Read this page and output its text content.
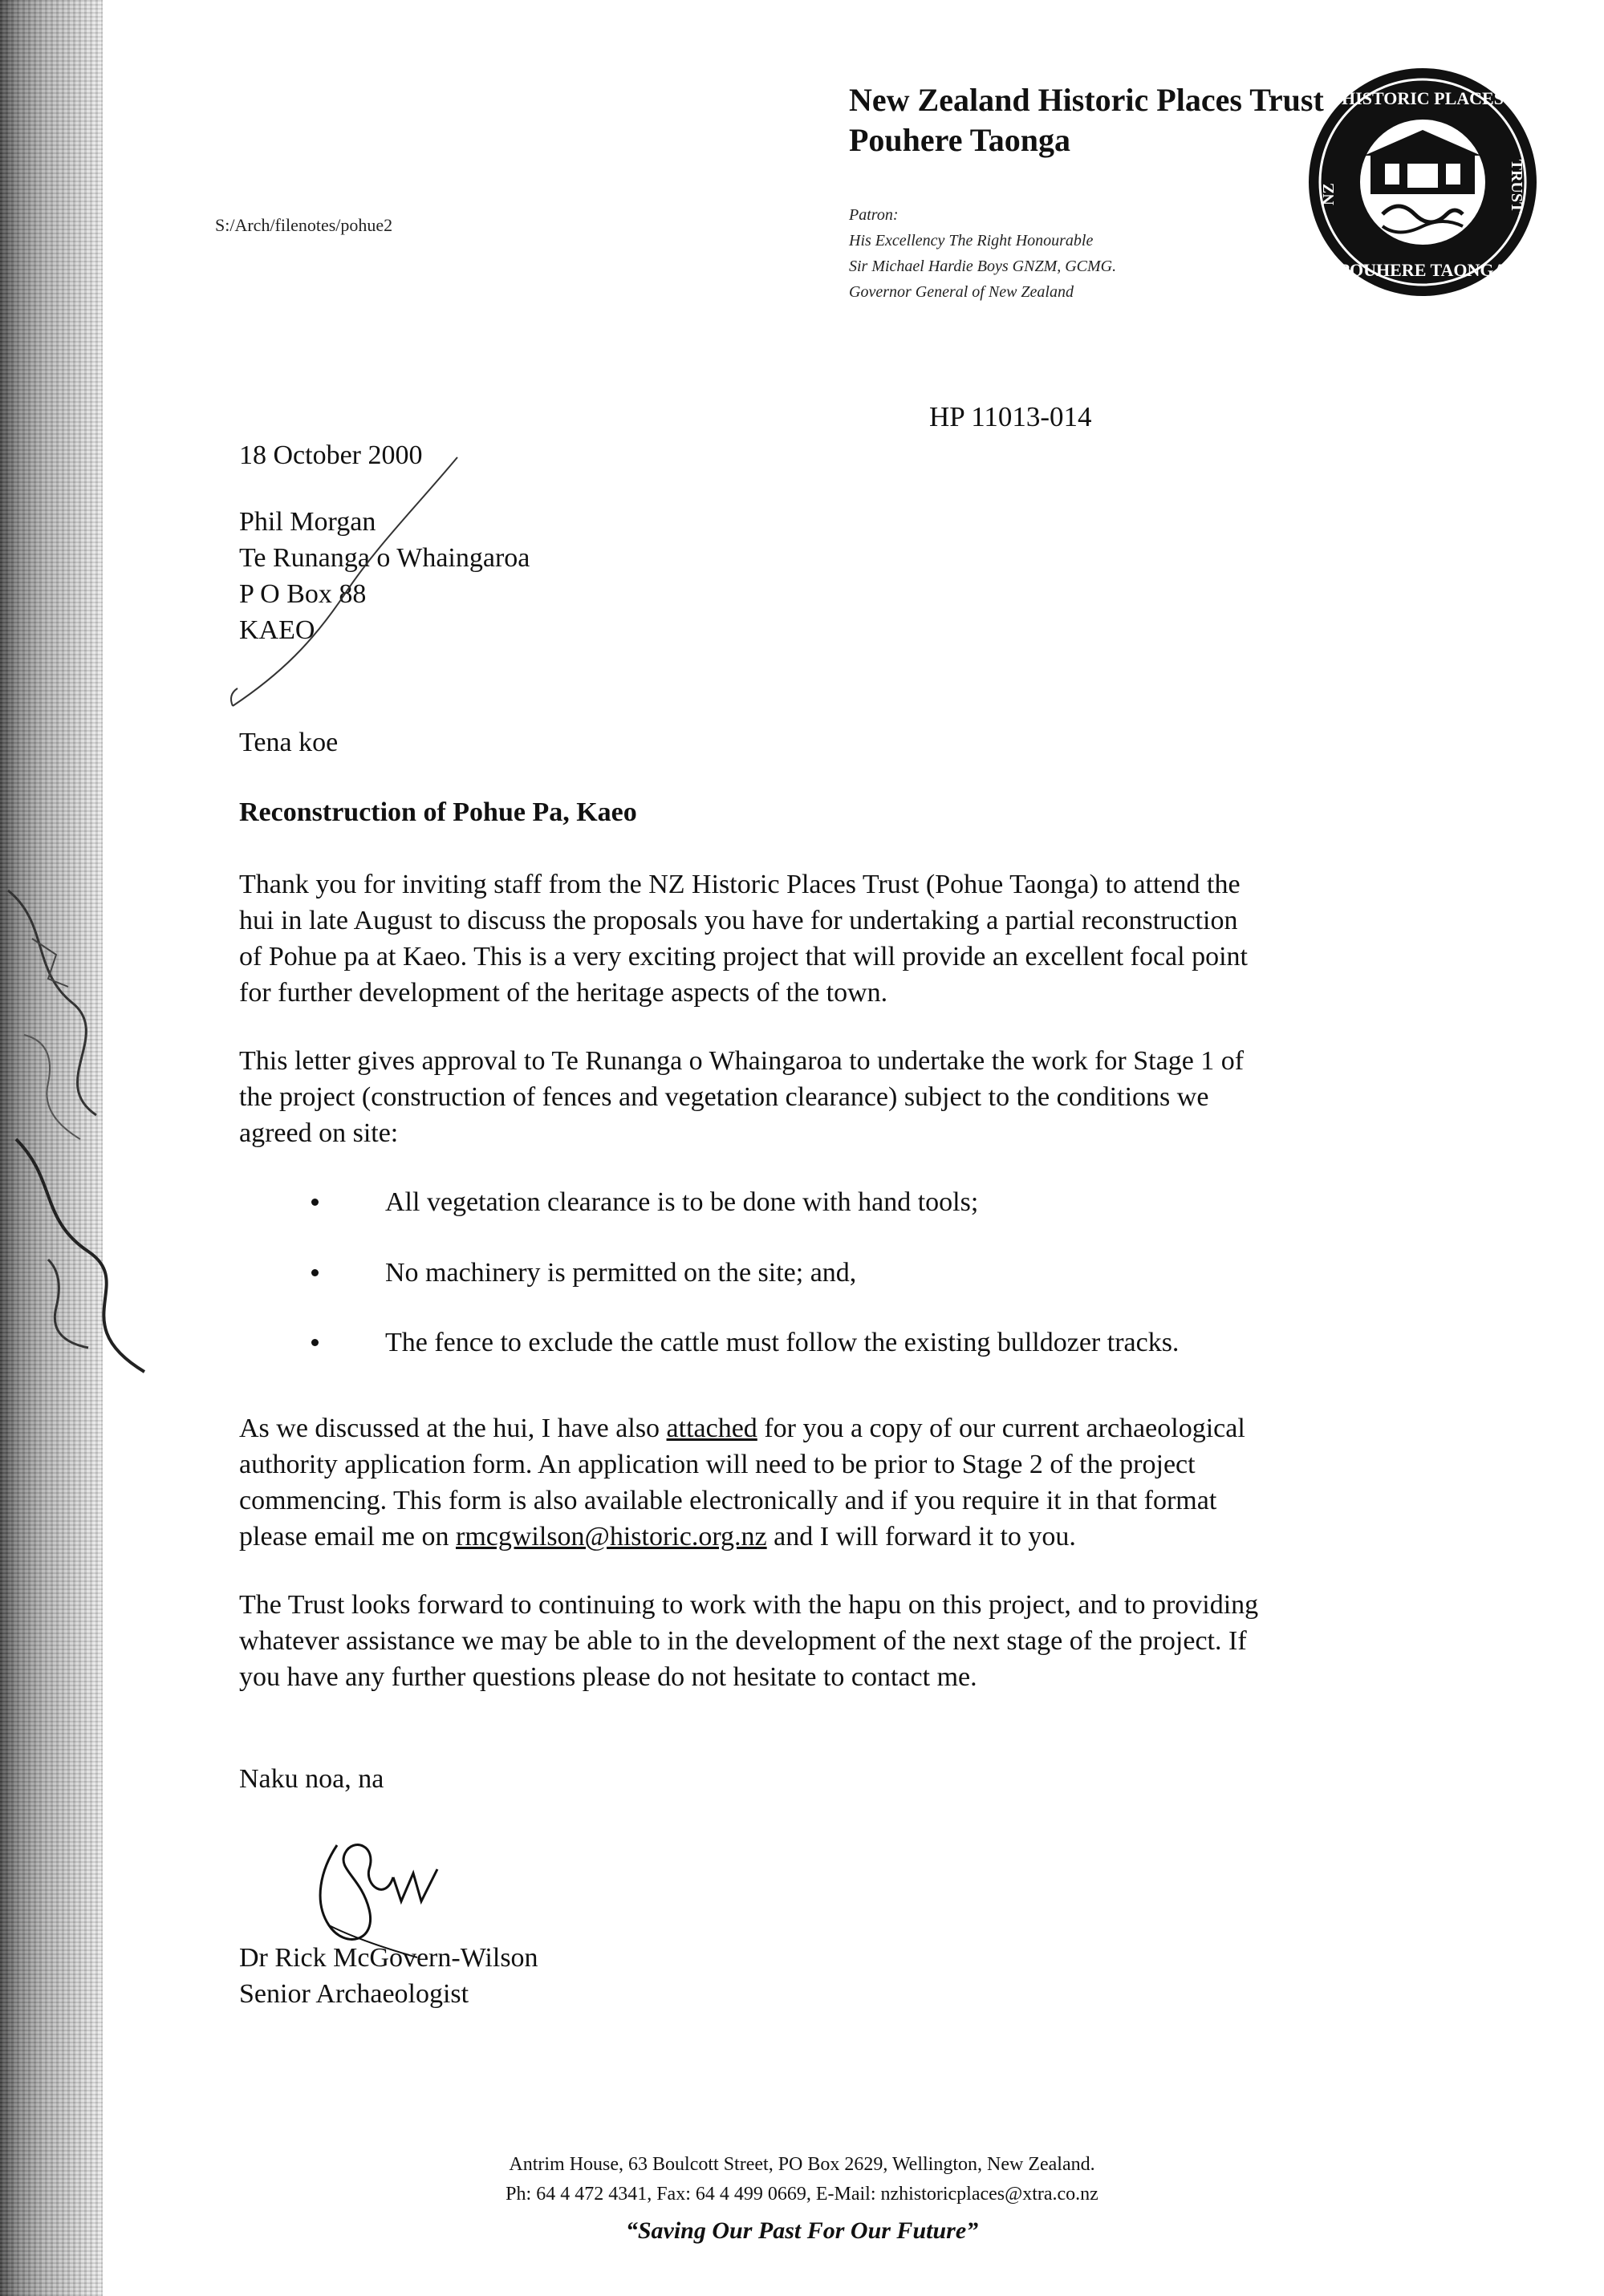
S:/Arch/filenotes/pohue2
New Zealand Historic Places Trust
Pouhere Taonga
Patron:
His Excellency The Right Honourable
Sir Michael Hardie Boys GNZM, GCMG.
Governor General of New Zealand
HISTORIC PLACES
POUHERE TAONGA
NZ	TRUST
HP 11013-014
18 October 2000
Phil Morgan
Te Runanga o Whaingaroa
P O Box 88
KAEO
Tena koe
Reconstruction of Pohue Pa, Kaeo
Thank you for inviting staff from the NZ Historic Places Trust (Pohue Taonga) to attend the
hui in late August to discuss the proposals you have for undertaking a partial reconstruction
of Pohue pa at Kaeo. This is a very exciting project that will provide an excellent focal point
for further development of the heritage aspects of the town.
This letter gives approval to Te Runanga o Whaingaroa to undertake the work for Stage 1 of
the project (construction of fences and vegetation clearance) subject to the conditions we
agreed on site:
All vegetation clearance is to be done with hand tools;
No machinery is permitted on the site; and,
The fence to exclude the cattle must follow the existing bulldozer tracks.
As we discussed at the hui, I have also attached for you a copy of our current archaeological
authority application form. An application will need to be prior to Stage 2 of the project
commencing. This form is also available electronically and if you require it in that format
please email me on rmcgwilson@historic.org.nz and I will forward it to you.
The Trust looks forward to continuing to work with the hapu on this project, and to providing
whatever assistance we may be able to in the development of the next stage of the project. If
you have any further questions please do not hesitate to contact me.
Naku noa, na
Dr Rick McGovern-Wilson
Senior Archaeologist
Antrim House, 63 Boulcott Street, PO Box 2629, Wellington, New Zealand.
Ph: 64 4 472 4341, Fax: 64 4 499 0669, E-Mail: nzhistoricplaces@xtra.co.nz
“Saving Our Past For Our Future”
